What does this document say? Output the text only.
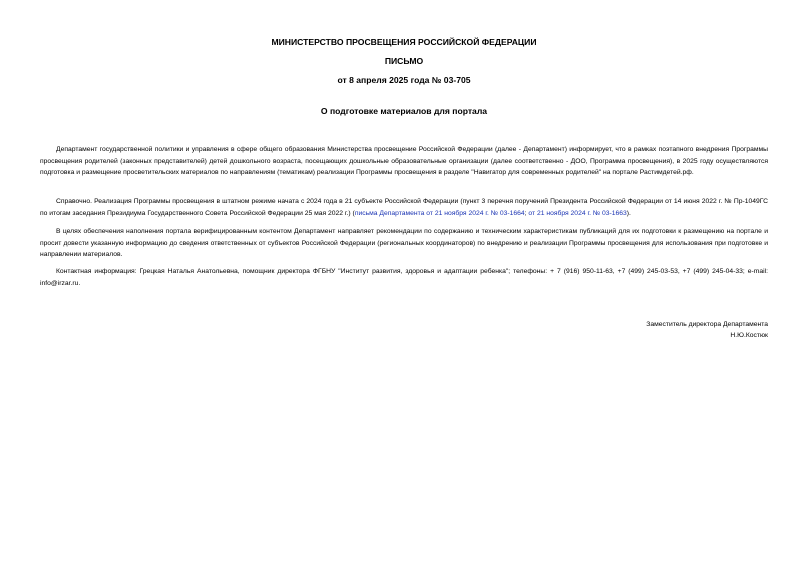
МИНИСТЕРСТВО ПРОСВЕЩЕНИЯ РОССИЙСКОЙ ФЕДЕРАЦИИ

ПИСЬМО

от 8 апреля 2025 года № 03-705

О подготовке материалов для портала

Департамент государственной политики и управления в сфере общего образования Министерства просвещение Российской Федерации (далее - Департамент) информирует, что в рамках поэтапного внедрения Программы просвещения родителей (законных представителей) детей дошкольного возраста, посещающих дошкольные образовательные организации (далее соответственно - ДОО, Программа просвещения), в 2025 году осуществляются подготовка и размещение просветительских материалов по направлениям (тематикам) реализации Программы просвещения в разделе "Навигатор для современных родителей" на портале Растимдетей.рф.

Справочно. Реализация Программы просвещения в штатном режиме начата с 2024 года в 21 субъекте Российской Федерации (пункт 3 перечня поручений Президента Российской Федерации от 14 июня 2022 г. № Пр-1049ГС по итогам заседания Президиума Государственного Совета Российской Федерации 25 мая 2022 г.) (письма Департамента от 21 ноября 2024 г. № 03-1664; от 21 ноября 2024 г. № 03-1663).

В целях обеспечения наполнения портала верифицированным контентом Департамент направляет рекомендации по содержанию и техническим характеристикам публикаций для их подготовки к размещению на портале и просит довести указанную информацию до сведения ответственных от субъектов Российской Федерации (региональных координаторов) по внедрению и реализации Программы просвещения для использования при подготовке и направлении материалов.

Контактная информация: Грецкая Наталья Анатольевна, помощник директора ФГБНУ "Институт развития, здоровья и адаптации ребенка"; телефоны: + 7 (916) 950-11-63, +7 (499) 245-03-53, +7 (499) 245-04-33; e-mail: info@irzar.ru.

Заместитель директора Департамента

Н.Ю.Костюк
